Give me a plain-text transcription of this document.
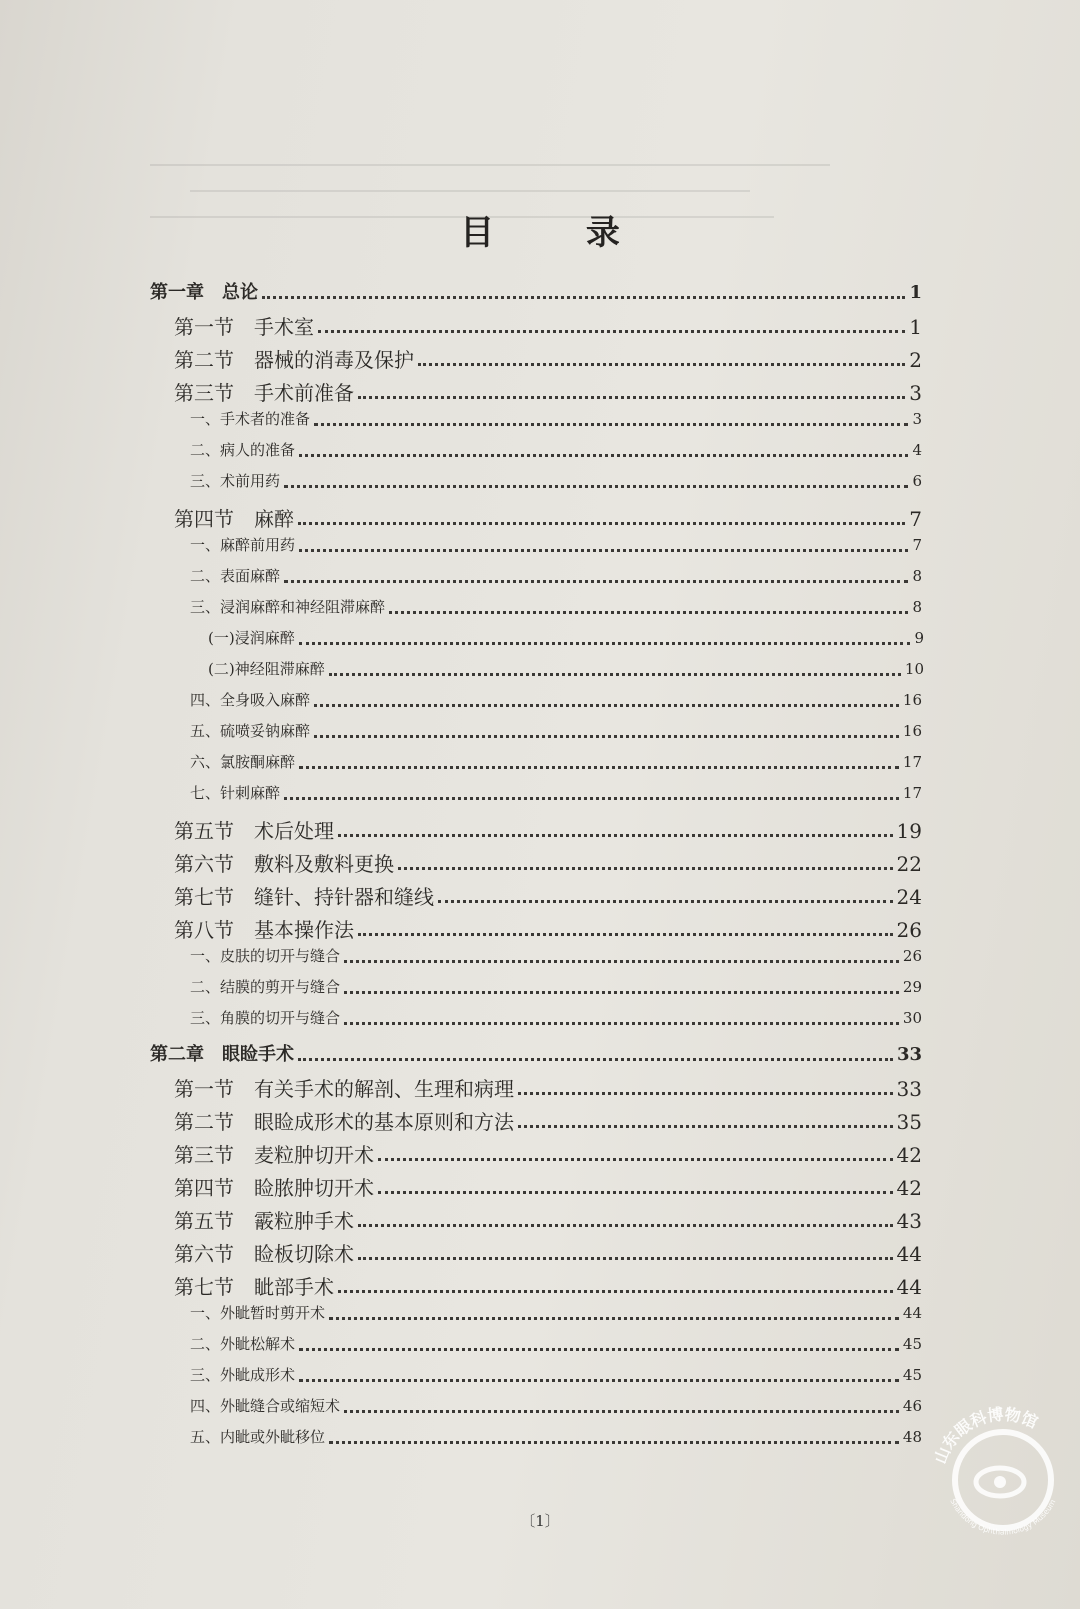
目 录
第一章　总论	1
第一节　手术室	1
第二节　器械的消毒及保护	2
第三节　手术前准备	3
一、手术者的准备	3
二、病人的准备	4
三、术前用药	6
第四节　麻醉	7
一、麻醉前用药	7
二、表面麻醉	8
三、浸润麻醉和神经阻滞麻醉	8
(一)浸润麻醉	9
(二)神经阻滞麻醉	10
四、全身吸入麻醉	16
五、硫喷妥钠麻醉	16
六、氯胺酮麻醉	17
七、针刺麻醉	17
第五节　术后处理	19
第六节　敷料及敷料更换	22
第七节　缝针、持针器和缝线	24
第八节　基本操作法	26
一、皮肤的切开与缝合	26
二、结膜的剪开与缝合	29
三、角膜的切开与缝合	30
第二章　眼睑手术	33
第一节　有关手术的解剖、生理和病理	33
第二节　眼睑成形术的基本原则和方法	35
第三节　麦粒肿切开术	42
第四节　睑脓肿切开术	42
第五节　霰粒肿手术	43
第六节　睑板切除术	44
第七节　眦部手术	44
一、外眦暂时剪开术	44
二、外眦松解术	45
三、外眦成形术	45
四、外眦缝合或缩短术	46
五、内眦或外眦移位	48
〔1〕
山东眼科博物馆
Shandong Ophthalmology Museum
